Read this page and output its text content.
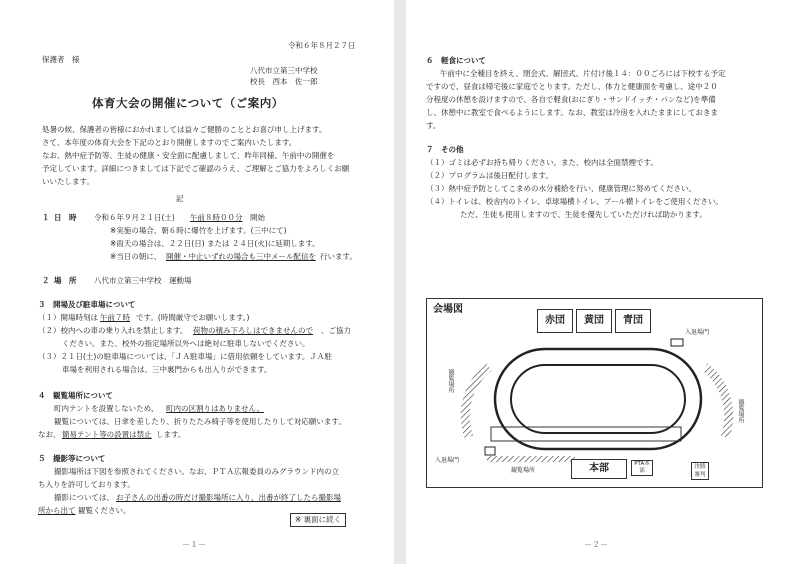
令和６年８月２７日
保護者　様
八代市立第三中学校
校長　西本　佐一郎
体育大会の開催について（ご案内）
処暑の候、保護者の皆様におかれましては益々ご健勝のこととお喜び申し上げます。
さて、本年度の体育大会を下記のとおり開催しますのでご案内いたします。
なお、熱中症予防等、生徒の健康・安全面に配慮しまして、昨年同様、午前中の開催を
予定しています。詳細につきましては下記でご確認のうえ、ご理解とご協力をよろしくお願
いいたします。
記
１ 日　時 令和６年９月２１日(土) 午前８時００分 開始
※実施の場合、朝６時に爆竹を上げます。(三中にて)
※雨天の場合は、２２日(日) または ２４日(火)に延期します。
※当日の朝に、 開催・中止いずれの場合も三中メール配信を 行います。
２ 場　所 八代市立第三中学校　運動場
３　開場及び駐車場について
（１）開場時刻は 午前７時 です。(時間厳守でお願いします。)
（２）校内への車の乗り入れを禁止します。 荷物の積み下ろしはできませんので 、ご協力
ください。また、校外の指定場所以外へは絶対に駐車しないでください。
（３）２１日(土)の駐車場については、「ＪＡ駐車場」に借用依頼をしています。ＪＡ駐
車場を利用される場合は、三中裏門からも出入りができます。
４　観覧場所について
町内テントを設置しないため、 町内の区割りはありません。
観覧については、日傘を差したり、折りたたみ椅子等を使用したりして対応願います。
なお、 簡易テント等の設置は禁止 します。
５　撮影等について
撮影場所は下図を参照されてください。なお、ＰＴＡ広報委員のみグラウンド内の立
ち入りを許可しております。
撮影については、 お子さんの出番の時だけ撮影場所に入り、出番が終了したら撮影場
所から出て 観覧ください。
※ 裏面に続く
－１－
６　軽食について
午前中に全種目を終え、閉会式、解団式、片付け後１４：００ごろには下校する予定
ですので、昼食は帰宅後に家庭でとります。ただし、体力と健康面を考慮し、途中２０
分程度の休憩を設けますので、各自で軽食(おにぎり・サンドイッチ・パンなど)を準備
し、休憩中に教室で食べるようにします。なお、教室は冷房を入れたままにしておきま
す。
７　その他
（１）ゴミは必ずお持ち帰りください。また、校内は全面禁煙です。
（２）プログラムは後日配付します。
（３）熱中症予防としてこまめの水分補給を行い、健康管理に努めてください。
（４）トイレは、校舎内のトイレ、卓球場横トイレ、プール横トイレをご使用ください。
ただ、生徒も使用しますので、生徒を優先していただければ助かります。
会場図
赤団	黄団	青団
入退場門
入退場門
観覧場所
観覧場所
観覧場所	本部	PTA本部
決勝審判
－２－
